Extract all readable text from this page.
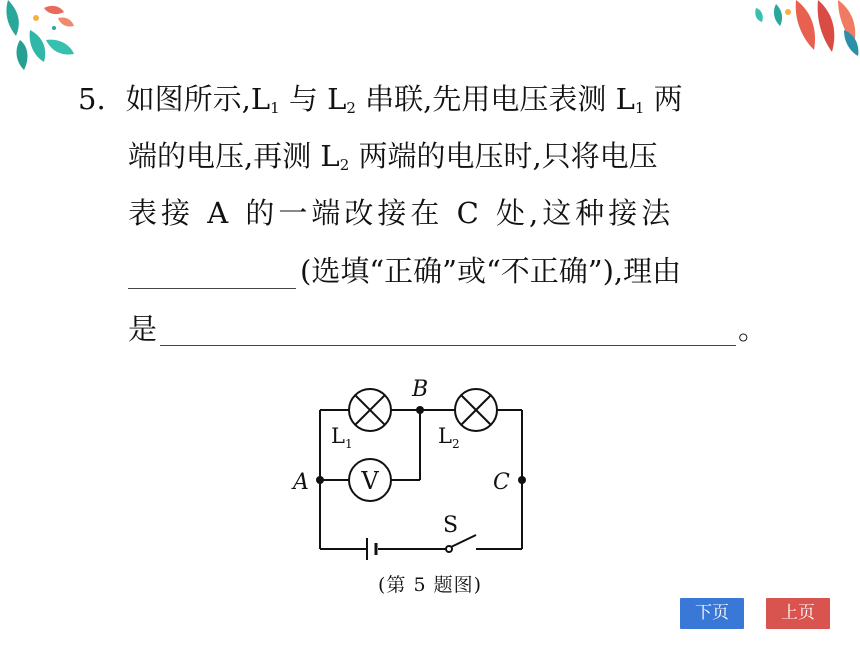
5. 如图所示$,L_1$ 与 $L_2$ 串联,先用电压表测 $L_1$ 两
端的电压,再测 $L_2$ 两端的电压时,只将电压
表接 A 的一端改接在 C 处,这种接法
(选填“正确”或“不正确”),理由
是	。
V
B
A	C
S
$L_1$	$L_2$
(第 5 题图)
下页	上页
